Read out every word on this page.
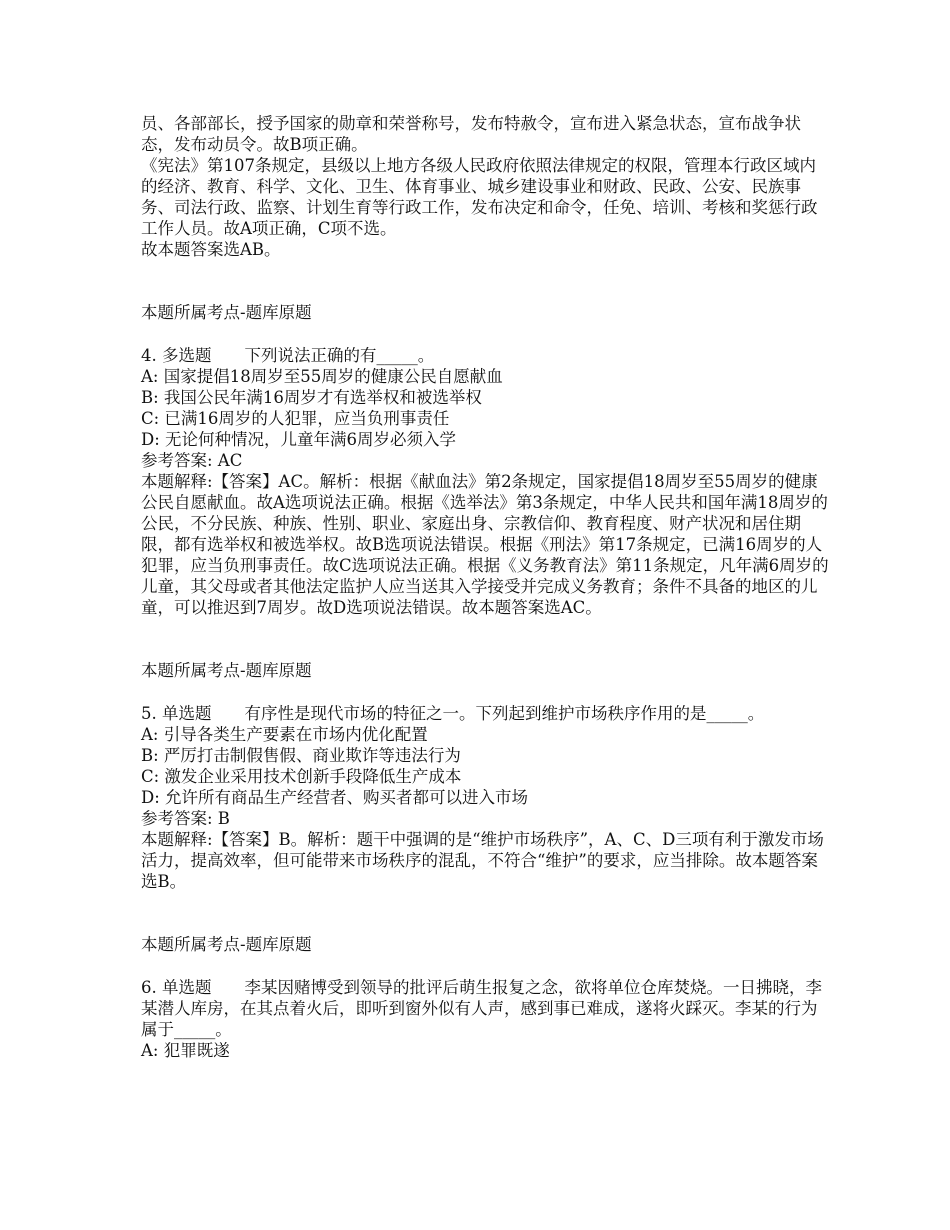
员、各部部长，授予国家的勋章和荣誉称号，发布特赦令，宣布进入紧急状态，宣布战争状态，发布动员令。故B项正确。

《宪法》第107条规定，县级以上地方各级人民政府依照法律规定的权限，管理本行政区域内的经济、教育、科学、文化、卫生、体育事业、城乡建设事业和财政、民政、公安、民族事务、司法行政、监察、计划生育等行政工作，发布决定和命令，任免、培训、考核和奖惩行政工作人员。故A项正确，C项不选。

故本题答案选AB。

本题所属考点-题库原题

4. 多选题　　下列说法正确的有_____。

A: 国家提倡18周岁至55周岁的健康公民自愿献血

B: 我国公民年满16周岁才有选举权和被选举权

C: 已满16周岁的人犯罪，应当负刑事责任

D: 无论何种情况，儿童年满6周岁必须入学

参考答案: AC

本题解释:【答案】AC。解析：根据《献血法》第2条规定，国家提倡18周岁至55周岁的健康公民自愿献血。故A选项说法正确。根据《选举法》第3条规定，中华人民共和国年满18周岁的公民，不分民族、种族、性别、职业、家庭出身、宗教信仰、教育程度、财产状况和居住期限，都有选举权和被选举权。故B选项说法错误。根据《刑法》第17条规定，已满16周岁的人犯罪，应当负刑事责任。故C选项说法正确。根据《义务教育法》第11条规定，凡年满6周岁的儿童，其父母或者其他法定监护人应当送其入学接受并完成义务教育；条件不具备的地区的儿童，可以推迟到7周岁。故D选项说法错误。故本题答案选AC。

本题所属考点-题库原题

5. 单选题　　有序性是现代市场的特征之一。下列起到维护市场秩序作用的是_____。

A: 引导各类生产要素在市场内优化配置

B: 严厉打击制假售假、商业欺诈等违法行为

C: 激发企业采用技术创新手段降低生产成本

D: 允许所有商品生产经营者、购买者都可以进入市场

参考答案: B

本题解释:【答案】B。解析：题干中强调的是“维护市场秩序”，A、C、D三项有利于激发市场活力，提高效率，但可能带来市场秩序的混乱，不符合“维护”的要求，应当排除。故本题答案选B。

本题所属考点-题库原题

6. 单选题　　李某因赌博受到领导的批评后萌生报复之念，欲将单位仓库焚烧。一日拂晓，李某潜人库房，在其点着火后，即听到窗外似有人声，感到事已难成，遂将火踩灭。李某的行为属于_____。

A: 犯罪既遂
